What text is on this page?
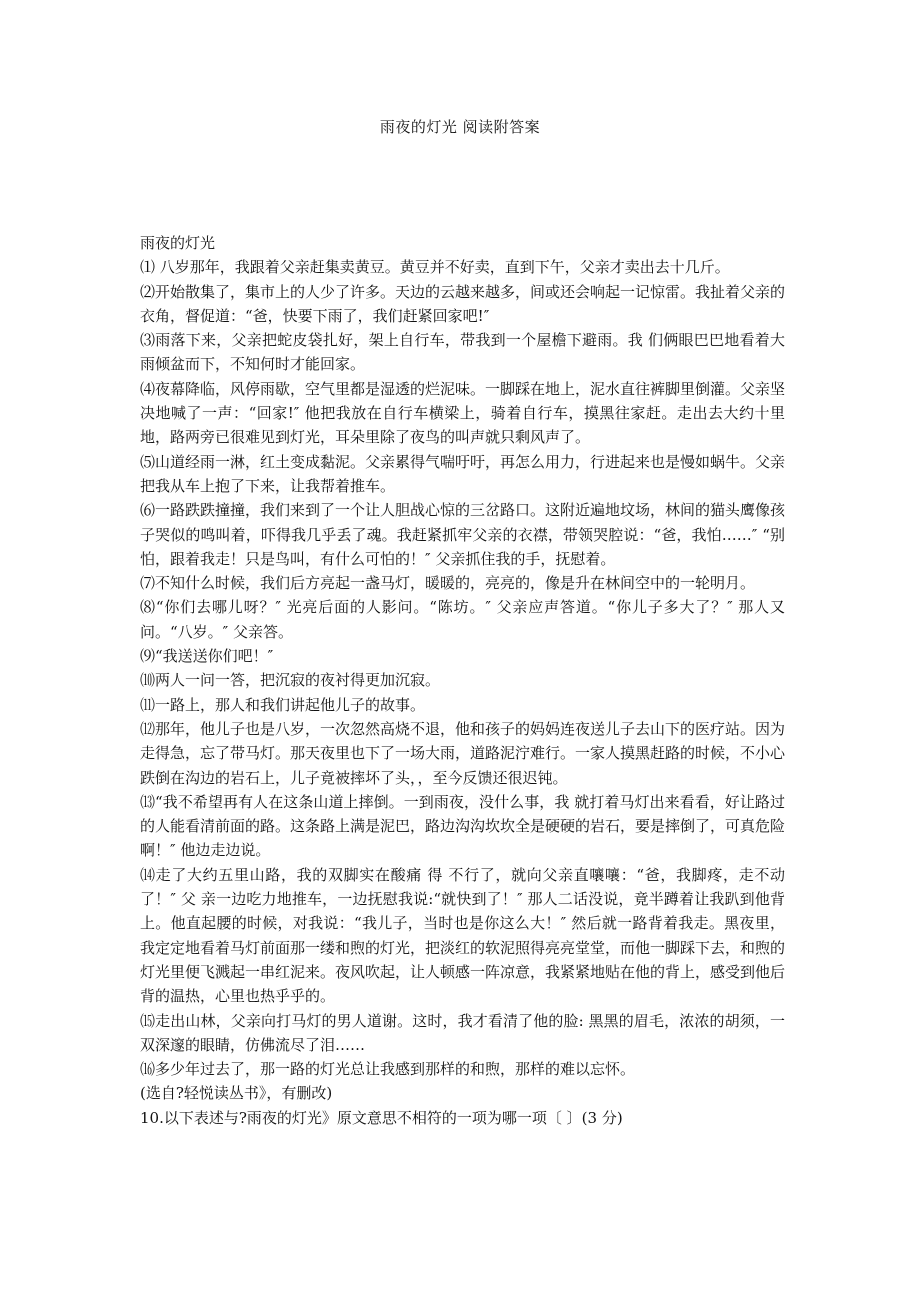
雨夜的灯光 阅读附答案

雨夜的灯光

⑴ 八岁那年，我跟着父亲赶集卖黄豆。黄豆并不好卖，直到下午，父亲才卖出去十几斤。

⑵开始散集了，集市上的人少了许多。天边的云越来越多，间或还会响起一记惊雷。我扯着父亲的衣角，督促道：“爸，快要下雨了，我们赶紧回家吧!″

⑶雨落下来，父亲把蛇皮袋扎好，架上自行车，带我到一个屋檐下避雨。我 们俩眼巴巴地看着大雨倾盆而下，不知何时才能回家。

⑷夜幕降临，风停雨歇，空气里都是湿透的烂泥味。一脚踩在地上，泥水直往裤脚里倒灌。父亲坚决地喊了一声：“回家!″ 他把我放在自行车横梁上，骑着自行车，摸黑往家赶。走出去大约十里地，路两旁已很难见到灯光，耳朵里除了夜鸟的叫声就只剩风声了。

⑸山道经雨一淋，红土变成黏泥。父亲累得气喘吁吁，再怎么用力，行进起来也是慢如蜗牛。父亲把我从车上抱了下来，让我帮着推车。

⑹一路跌跌撞撞，我们来到了一个让人胆战心惊的三岔路口。这附近遍地坟场，林间的猫头鹰像孩子哭似的鸣叫着，吓得我几乎丢了魂。我赶紧抓牢父亲的衣襟，带领哭腔说：“爸，我怕……″ “别怕，跟着我走！只是鸟叫，有什么可怕的！″ 父亲抓住我的手，抚慰着。

⑺不知什么时候，我们后方亮起一盏马灯，暖暖的，亮亮的，像是升在林间空中的一轮明月。

⑻“你们去哪儿呀？″ 光亮后面的人影问。“陈坊。″ 父亲应声答道。“你儿子多大了？″ 那人又问。“八岁。″ 父亲答。

⑼“我送送你们吧！″

⑽两人一问一答，把沉寂的夜衬得更加沉寂。

⑾一路上，那人和我们讲起他儿子的故事。

⑿那年，他儿子也是八岁，一次忽然高烧不退，他和孩子的妈妈连夜送儿子去山下的医疗站。因为走得急，忘了带马灯。那天夜里也下了一场大雨，道路泥泞难行。一家人摸黑赶路的时候，不小心跌倒在沟边的岩石上，儿子竟被摔坏了头，，至今反馈还很迟钝。

⒀“我不希望再有人在这条山道上摔倒。一到雨夜，没什么事，我 就打着马灯出来看看，好让路过的人能看清前面的路。这条路上满是泥巴，路边沟沟坎坎全是硬硬的岩石，要是摔倒了，可真危险啊！″ 他边走边说。

⒁走了大约五里山路，我的双脚实在酸痛 得 不行了，就向父亲直嚷嚷：“爸，我脚疼，走不动了！″ 父 亲一边吃力地推车，一边抚慰我说:“就快到了！″ 那人二话没说，竟半蹲着让我趴到他背上。他直起腰的时候，对我说：“我儿子，当时也是你这么大！″ 然后就一路背着我走。黑夜里，我定定地看着马灯前面那一缕和煦的灯光，把淡红的软泥照得亮亮堂堂，而他一脚踩下去，和煦的灯光里便飞溅起一串红泥来。夜风吹起，让人顿感一阵凉意，我紧紧地贴在他的背上，感受到他后背的温热，心里也热乎乎的。

⒂走出山林，父亲向打马灯的男人道谢。这时，我才看清了他的脸: 黑黑的眉毛，浓浓的胡须，一双深邃的眼睛，仿佛流尽了泪……

⒃多少年过去了，那一路的灯光总让我感到那样的和煦，那样的难以忘怀。

(选自?轻悦读丛书》，有删改)

10.以下表述与?雨夜的灯光》原文意思不相符的一项为哪一项〔 〕(3 分)
